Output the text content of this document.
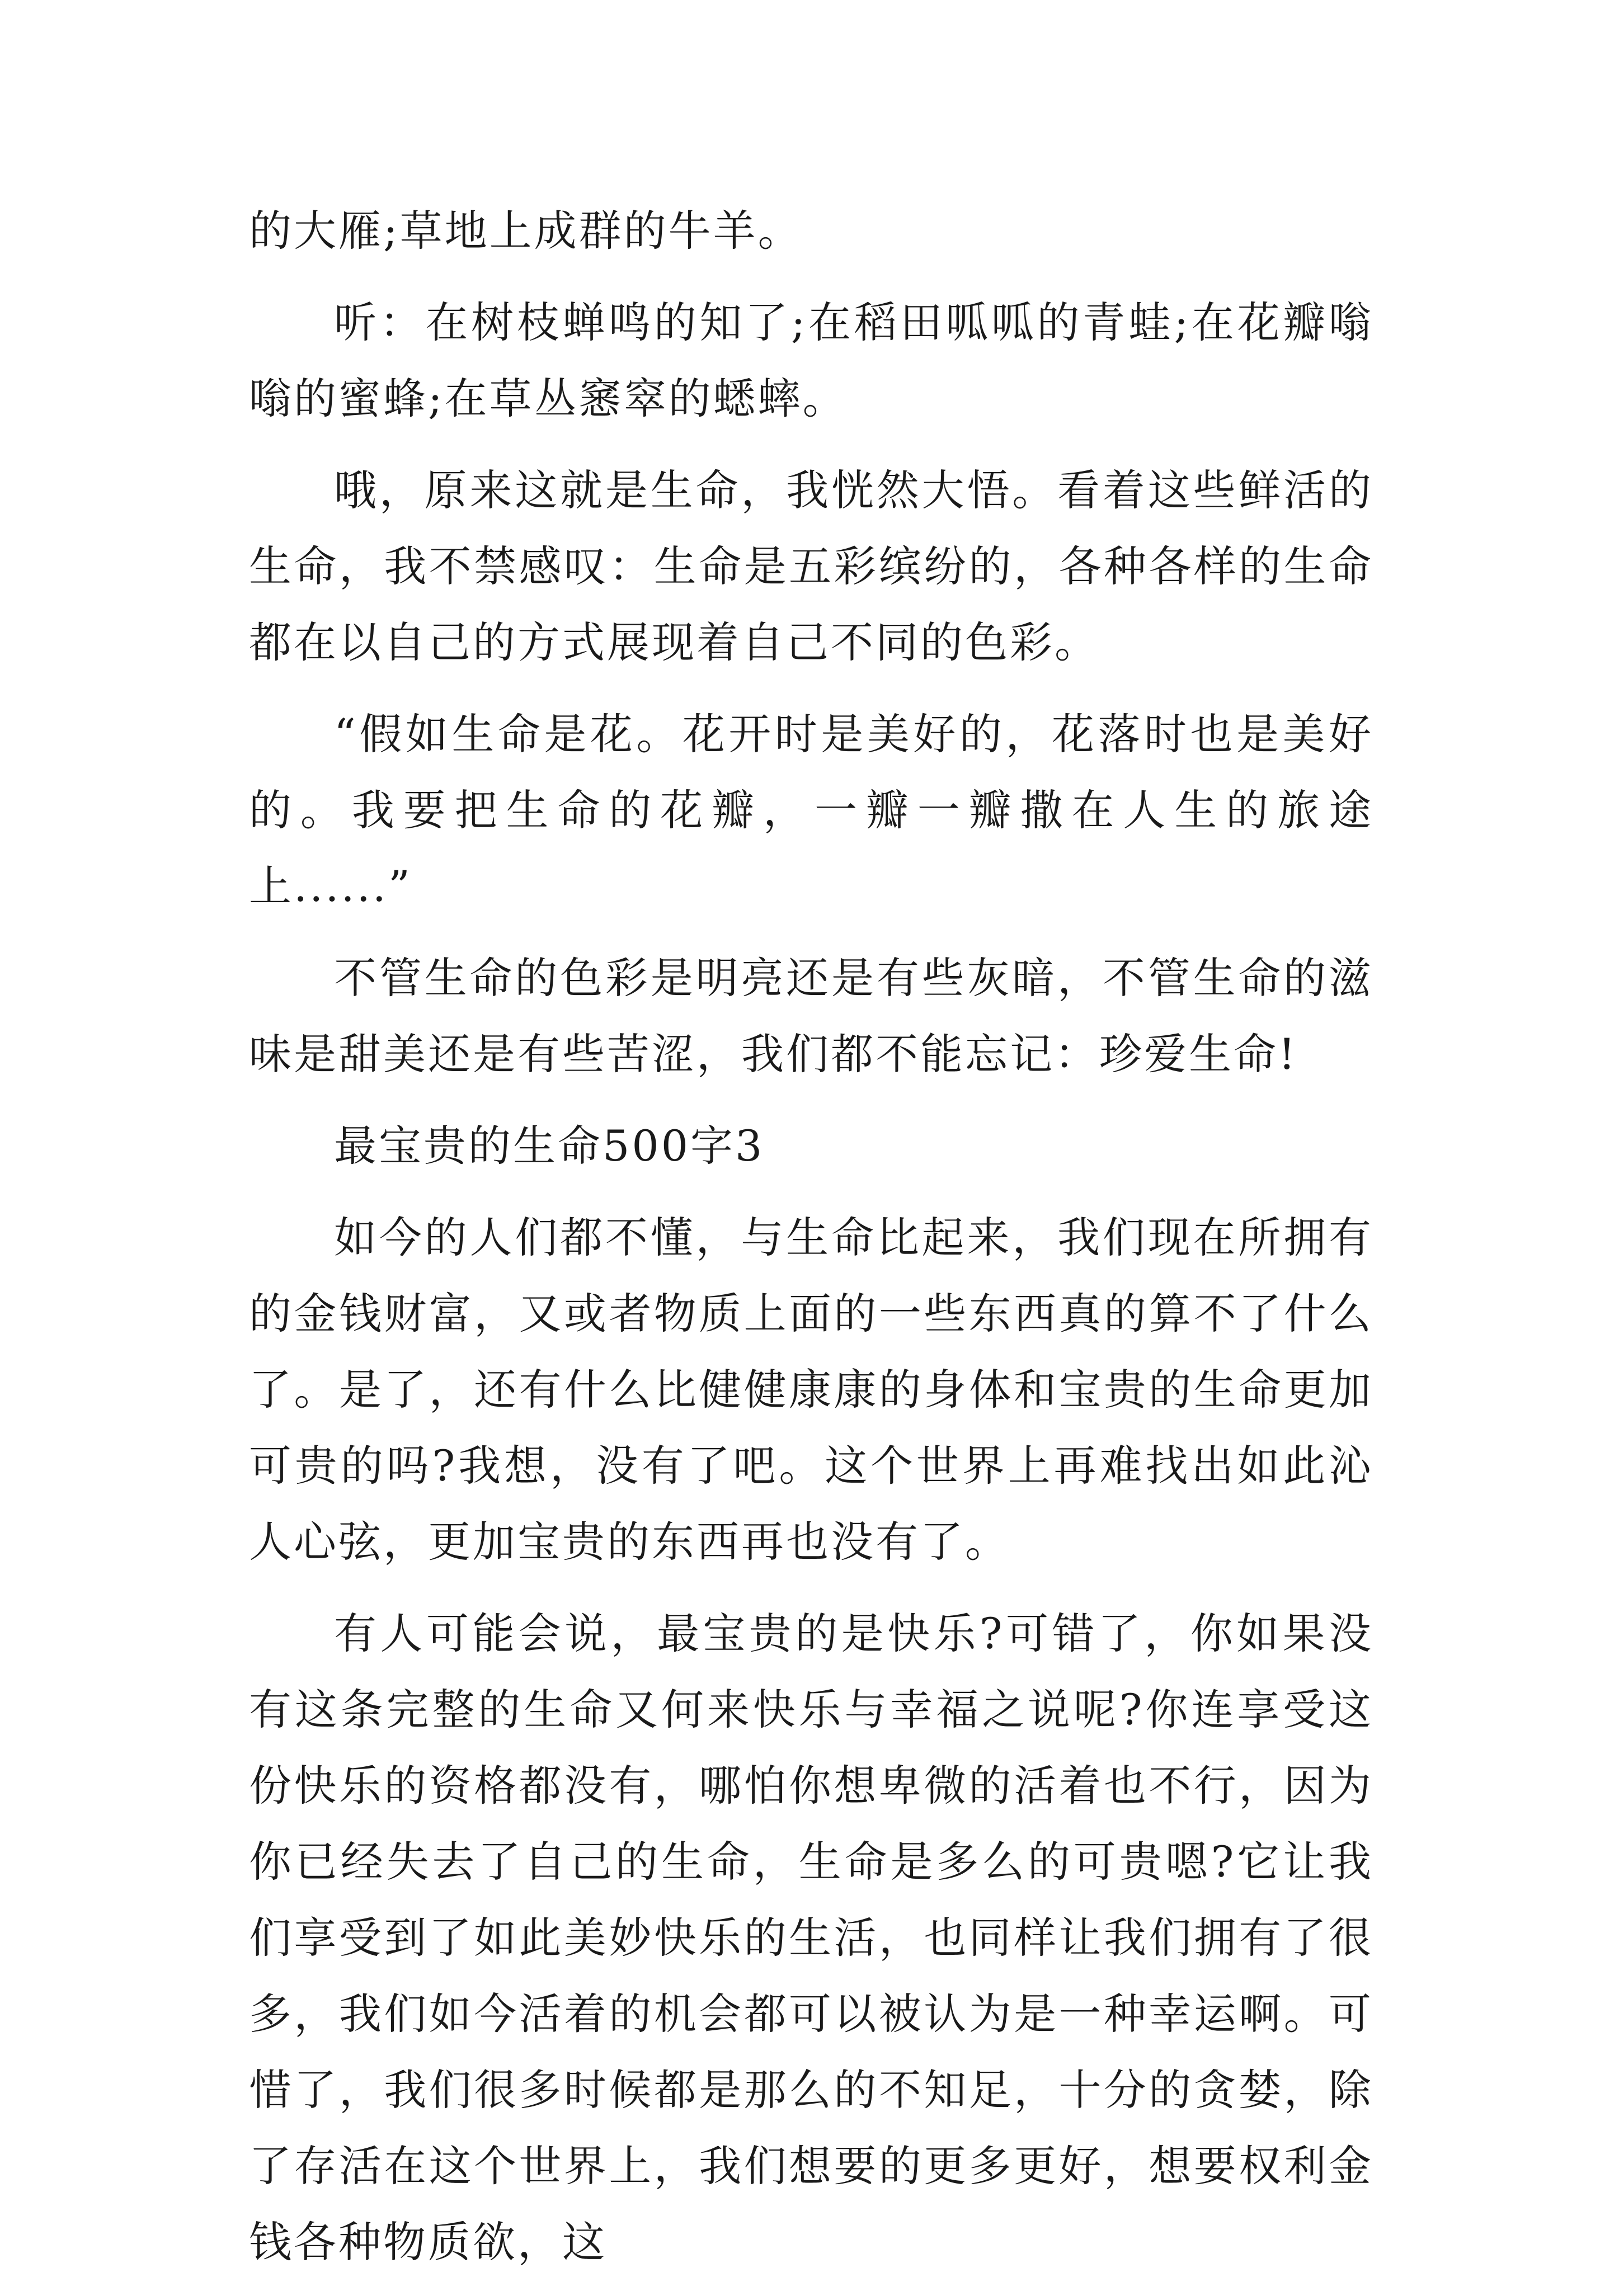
的大雁;草地上成群的牛羊。

听：在树枝蝉鸣的知了;在稻田呱呱的青蛙;在花瓣嗡嗡的蜜蜂;在草丛窸窣的蟋蟀。

哦，原来这就是生命，我恍然大悟。看着这些鲜活的生命，我不禁感叹：生命是五彩缤纷的，各种各样的生命都在以自己的方式展现着自己不同的色彩。

“假如生命是花。花开时是美好的，花落时也是美好的。我要把生命的花瓣，一瓣一瓣撒在人生的旅途上......”

不管生命的色彩是明亮还是有些灰暗，不管生命的滋味是甜美还是有些苦涩，我们都不能忘记：珍爱生命!

最宝贵的生命500字3

如今的人们都不懂，与生命比起来，我们现在所拥有的金钱财富，又或者物质上面的一些东西真的算不了什么了。是了，还有什么比健健康康的身体和宝贵的生命更加可贵的吗?我想，没有了吧。这个世界上再难找出如此沁人心弦，更加宝贵的东西再也没有了。

有人可能会说，最宝贵的是快乐?可错了，你如果没有这条完整的生命又何来快乐与幸福之说呢?你连享受这份快乐的资格都没有，哪怕你想卑微的活着也不行，因为你已经失去了自己的生命，生命是多么的可贵嗯?它让我们享受到了如此美妙快乐的生活，也同样让我们拥有了很多，我们如今活着的机会都可以被认为是一种幸运啊。可惜了，我们很多时候都是那么的不知足，十分的贪婪，除了存活在这个世界上，我们想要的更多更好，想要权利金钱各种物质欲，这
